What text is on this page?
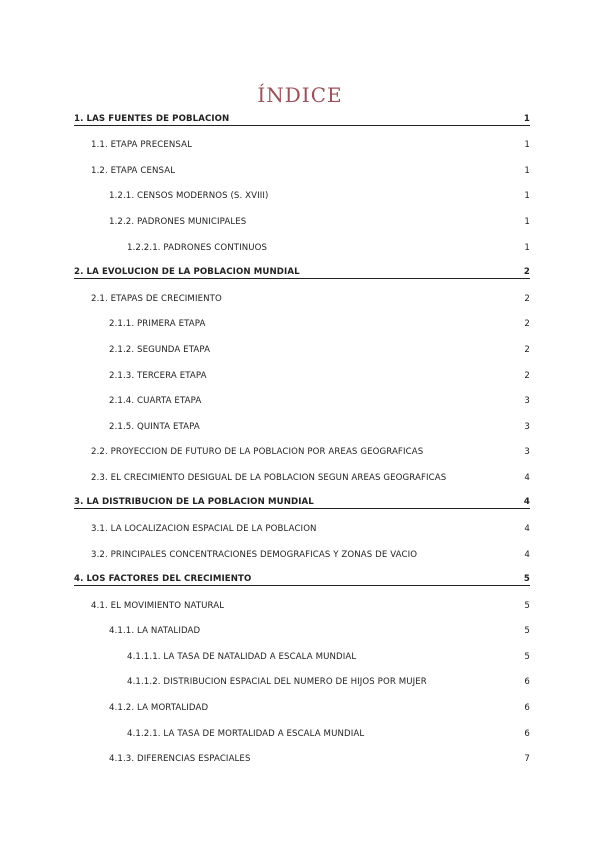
ÍNDICE
1. LAS FUENTES DE POBLACIÓN	1
1.1. ETAPA PRECENSAL	1
1.2. ETAPA CENSAL	1
1.2.1. CENSOS MODERNOS (S. XVIII)	1
1.2.2. PADRONES MUNICIPALES	1
1.2.2.1. PADRONES CONTINUOS	1
2. LA EVOLUCIÓN DE LA POBLACIÓN MUNDIAL	2
2.1. ETAPAS DE CRECIMIENTO	2
2.1.1. PRIMERA ETAPA	2
2.1.2. SEGUNDA ETAPA	2
2.1.3. TERCERA ETAPA	2
2.1.4. CUARTA ETAPA	3
2.1.5. QUINTA ETAPA	3
2.2. PROYECCIÓN DE FUTURO DE LA POBLACIÓN POR ÁREAS GEOGRÁFICAS	3
2.3. EL CRECIMIENTO DESIGUAL DE LA POBLACIÓN SEGÚN ÁREAS GEOGRÁFICAS	4
3. LA DISTRIBUCIÓN DE LA POBLACIÓN MUNDIAL	4
3.1. LA LOCALIZACIÓN ESPACIAL DE LA POBLACIÓN	4
3.2. PRINCIPALES CONCENTRACIONES DEMOGRÁFICAS Y ZONAS DE VACÍO	4
4. LOS FACTORES DEL CRECIMIENTO	5
4.1. EL MOVIMIENTO NATURAL	5
4.1.1. LA NATALIDAD	5
4.1.1.1. LA TASA DE NATALIDAD A ESCALA MUNDIAL	5
4.1.1.2. DISTRIBUCIÓN ESPACIAL DEL NÚMERO DE HIJOS POR MUJER	6
4.1.2. LA MORTALIDAD	6
4.1.2.1. LA TASA DE MORTALIDAD A ESCALA MUNDIAL	6
4.1.3. DIFERENCIAS ESPACIALES	7
